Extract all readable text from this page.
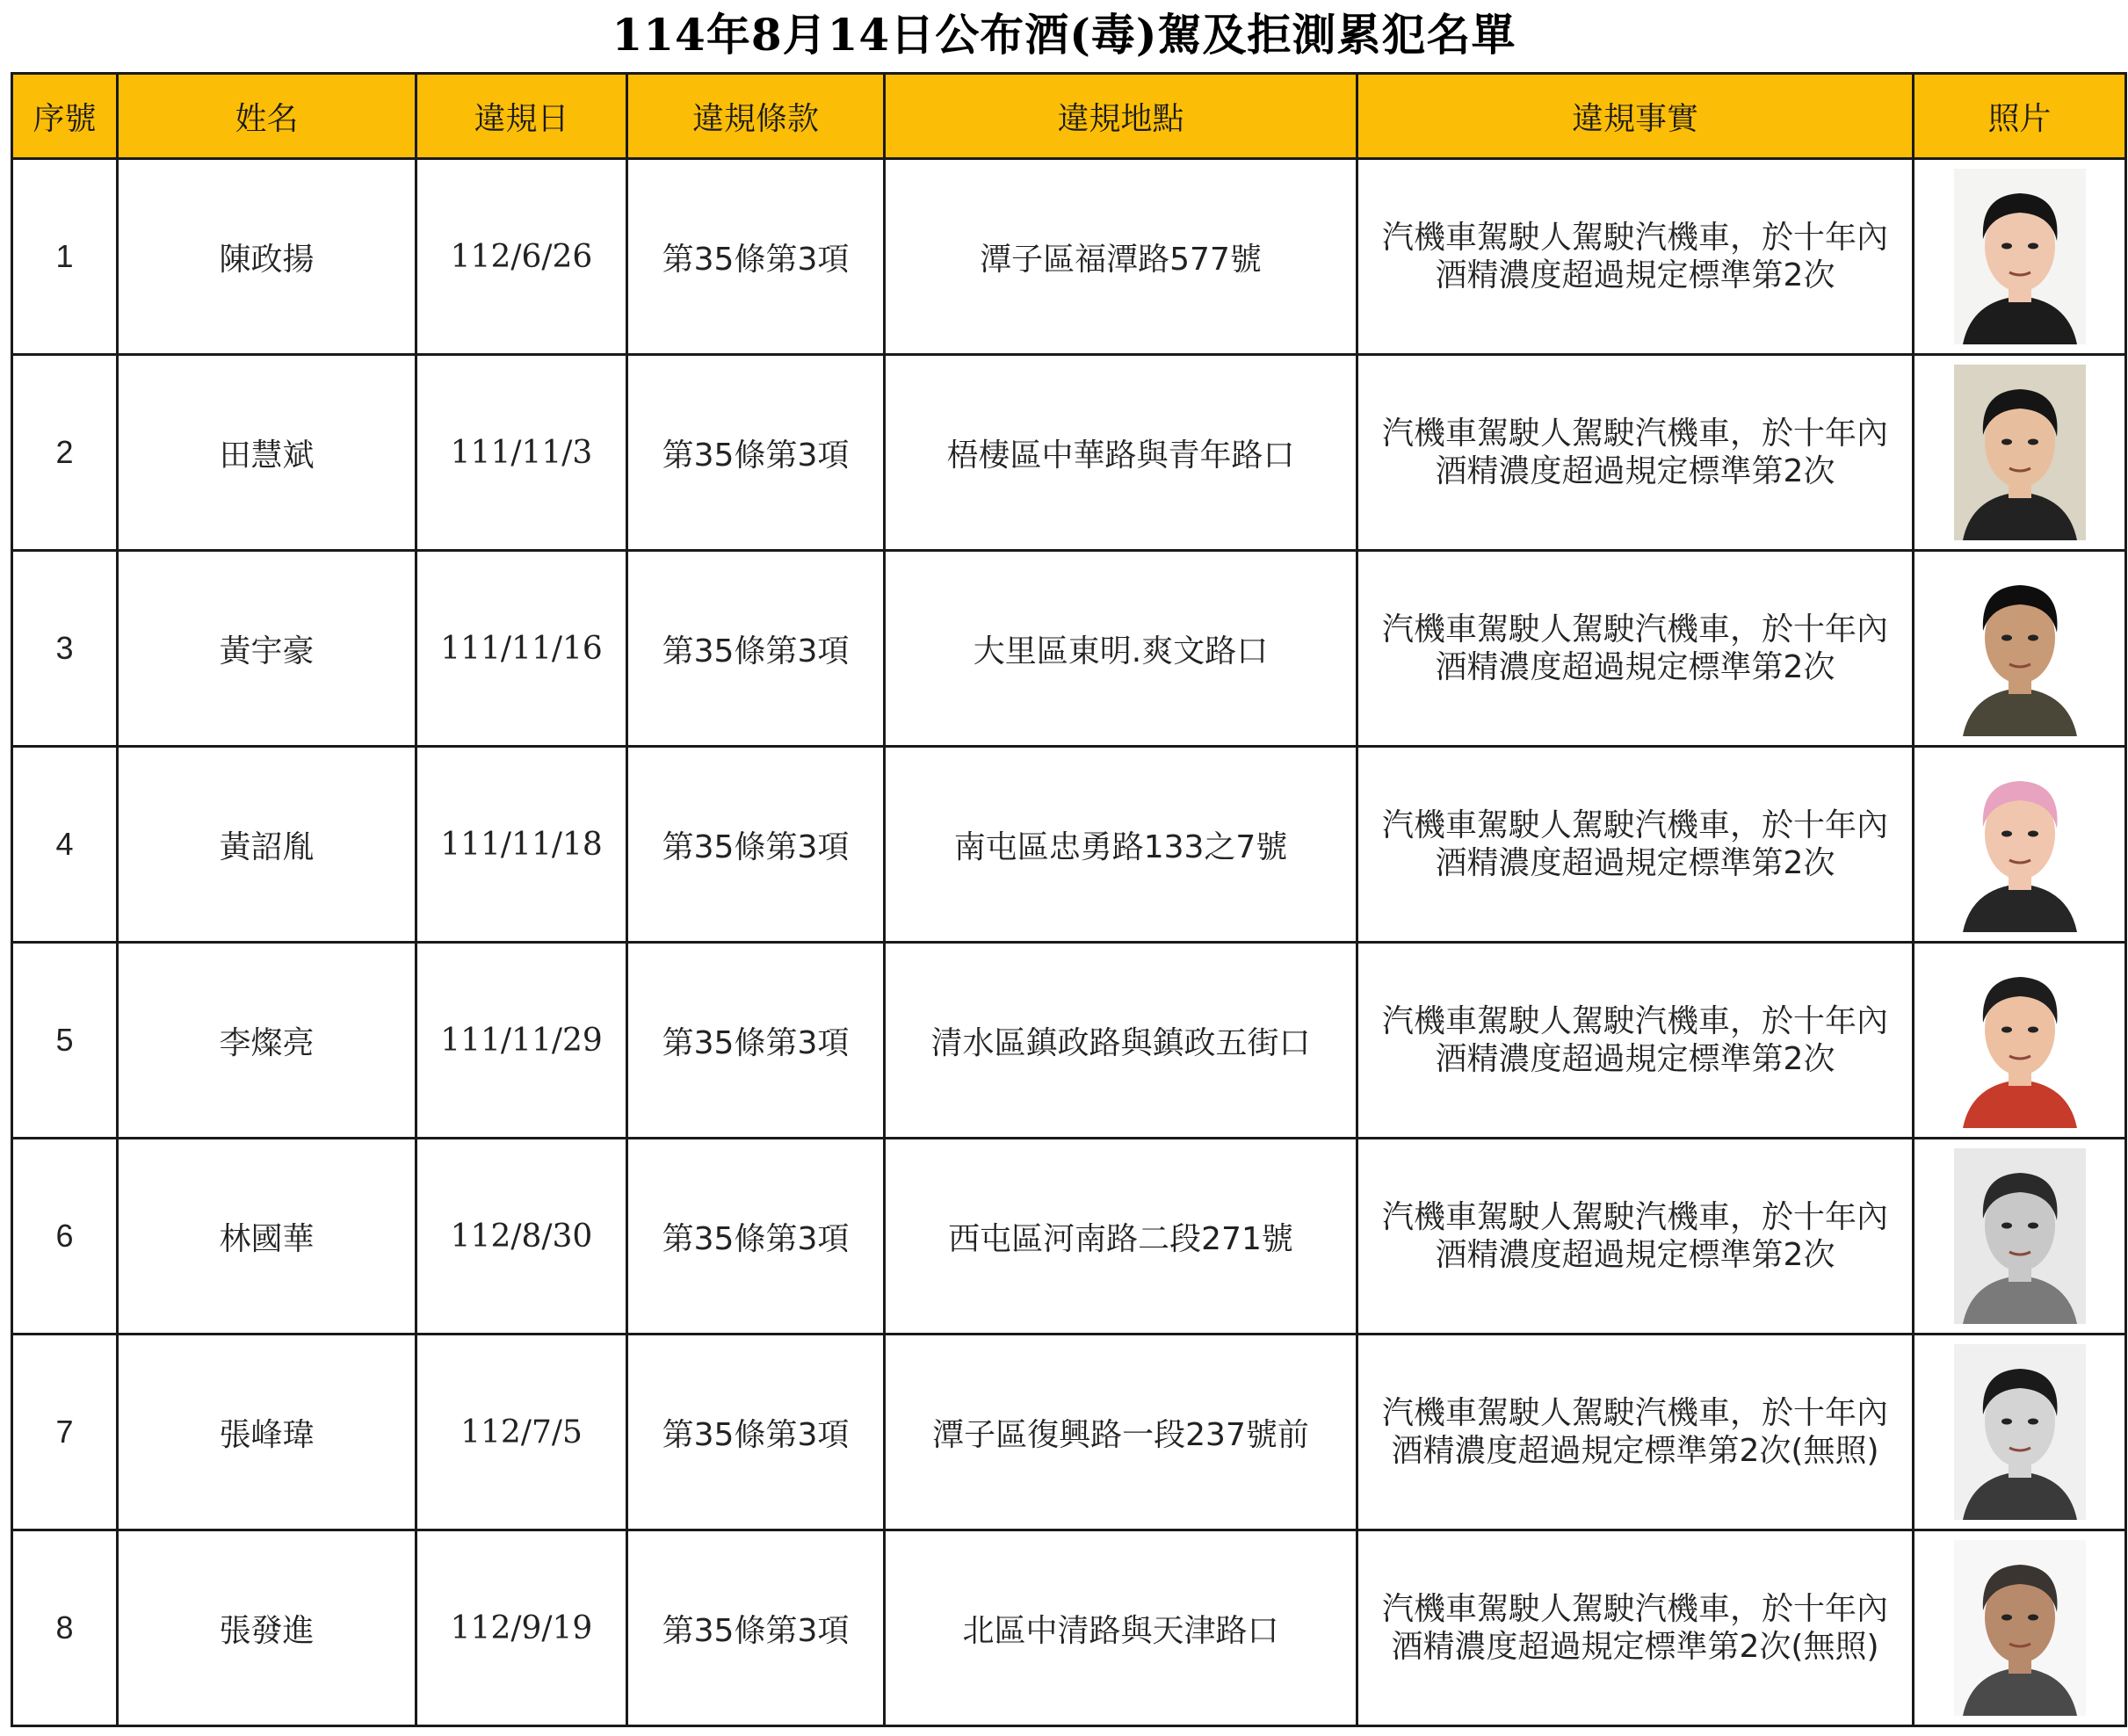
114年8月14日公布酒(毒)駕及拒測累犯名單
序號	姓名	違規日	違規條款	違規地點	違規事實	照片
1	陳政揚	112/6/26	第35條第3項	潭子區福潭路577號	汽機車駕駛人駕駛汽機車，於十年內
酒精濃度超過規定標準第2次

2	田慧斌	111/11/3	第35條第3項	梧棲區中華路與青年路口	汽機車駕駛人駕駛汽機車，於十年內
酒精濃度超過規定標準第2次

3	黃宇豪	111/11/16	第35條第3項	大里區東明.爽文路口	汽機車駕駛人駕駛汽機車，於十年內
酒精濃度超過規定標準第2次

4	黃詔胤	111/11/18	第35條第3項	南屯區忠勇路133之7號	汽機車駕駛人駕駛汽機車，於十年內
酒精濃度超過規定標準第2次

5	李燦亮	111/11/29	第35條第3項	清水區鎮政路與鎮政五街口	汽機車駕駛人駕駛汽機車，於十年內
酒精濃度超過規定標準第2次

6	林國華	112/8/30	第35條第3項	西屯區河南路二段271號	汽機車駕駛人駕駛汽機車，於十年內
酒精濃度超過規定標準第2次

7	張峰瑋	112/7/5	第35條第3項	潭子區復興路一段237號前	汽機車駕駛人駕駛汽機車，於十年內
酒精濃度超過規定標準第2次(無照)

8	張發進	112/9/19	第35條第3項	北區中清路與天津路口	汽機車駕駛人駕駛汽機車，於十年內
酒精濃度超過規定標準第2次(無照)
